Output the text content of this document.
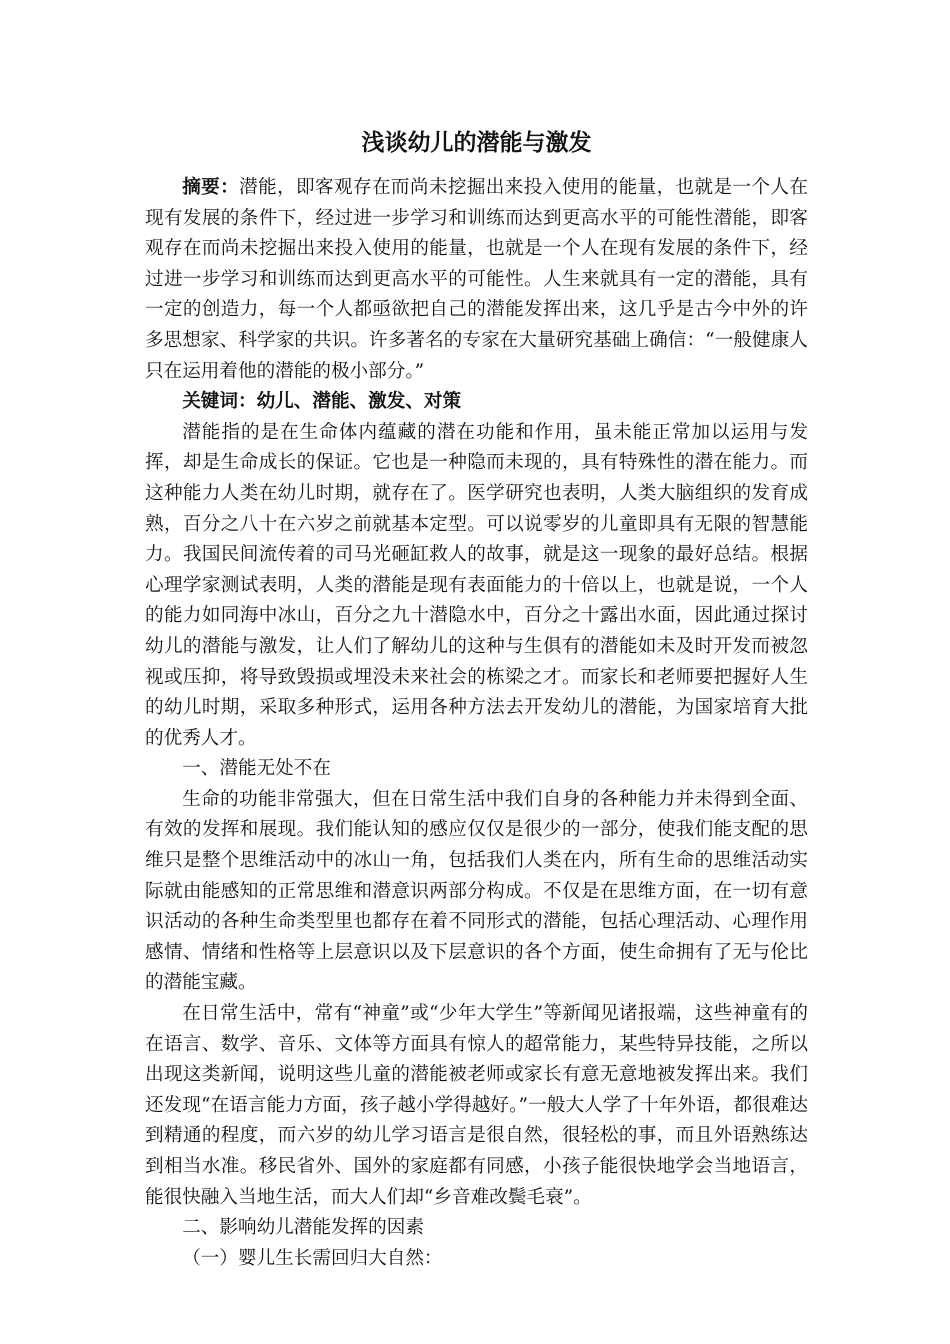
浅谈幼儿的潜能与激发

摘要：潜能，即客观存在而尚未挖掘出来投入使用的能量，也就是一个人在现有发展的条件下，经过进一步学习和训练而达到更高水平的可能性潜能，即客观存在而尚未挖掘出来投入使用的能量，也就是一个人在现有发展的条件下，经过进一步学习和训练而达到更高水平的可能性。人生来就具有一定的潜能，具有一定的创造力，每一个人都亟欲把自己的潜能发挥出来，这几乎是古今中外的许多思想家、科学家的共识。许多著名的专家在大量研究基础上确信：“一般健康人只在运用着他的潜能的极小部分。”

关键词：幼儿、潜能、激发、对策

潜能指的是在生命体内蕴藏的潜在功能和作用，虽未能正常加以运用与发挥，却是生命成长的保证。它也是一种隐而未现的，具有特殊性的潜在能力。而这种能力人类在幼儿时期，就存在了。医学研究也表明，人类大脑组织的发育成熟，百分之八十在六岁之前就基本定型。可以说零岁的儿童即具有无限的智慧能力。我国民间流传着的司马光砸缸救人的故事，就是这一现象的最好总结。根据心理学家测试表明，人类的潜能是现有表面能力的十倍以上，也就是说，一个人的能力如同海中冰山，百分之九十潜隐水中，百分之十露出水面，因此通过探讨幼儿的潜能与激发，让人们了解幼儿的这种与生俱有的潜能如未及时开发而被忽视或压抑，将导致毁损或埋没未来社会的栋梁之才。而家长和老师要把握好人生的幼儿时期，采取多种形式，运用各种方法去开发幼儿的潜能，为国家培育大批的优秀人才。

一、潜能无处不在

生命的功能非常强大，但在日常生活中我们自身的各种能力并未得到全面、有效的发挥和展现。我们能认知的感应仅仅是很少的一部分，使我们能支配的思维只是整个思维活动中的冰山一角，包括我们人类在内，所有生命的思维活动实际就由能感知的正常思维和潜意识两部分构成。不仅是在思维方面，在一切有意识活动的各种生命类型里也都存在着不同形式的潜能，包括心理活动、心理作用感情、情绪和性格等上层意识以及下层意识的各个方面，使生命拥有了无与伦比的潜能宝藏。

在日常生活中，常有“神童”或“少年大学生”等新闻见诸报端，这些神童有的在语言、数学、音乐、文体等方面具有惊人的超常能力，某些特异技能，之所以出现这类新闻，说明这些儿童的潜能被老师或家长有意无意地被发挥出来。我们还发现“在语言能力方面，孩子越小学得越好。”一般大人学了十年外语，都很难达到精通的程度，而六岁的幼儿学习语言是很自然，很轻松的事，而且外语熟练达到相当水准。移民省外、国外的家庭都有同感，小孩子能很快地学会当地语言，能很快融入当地生活，而大人们却“乡音难改鬓毛衰”。

二、影响幼儿潜能发挥的因素

（一）婴儿生长需回归大自然：
